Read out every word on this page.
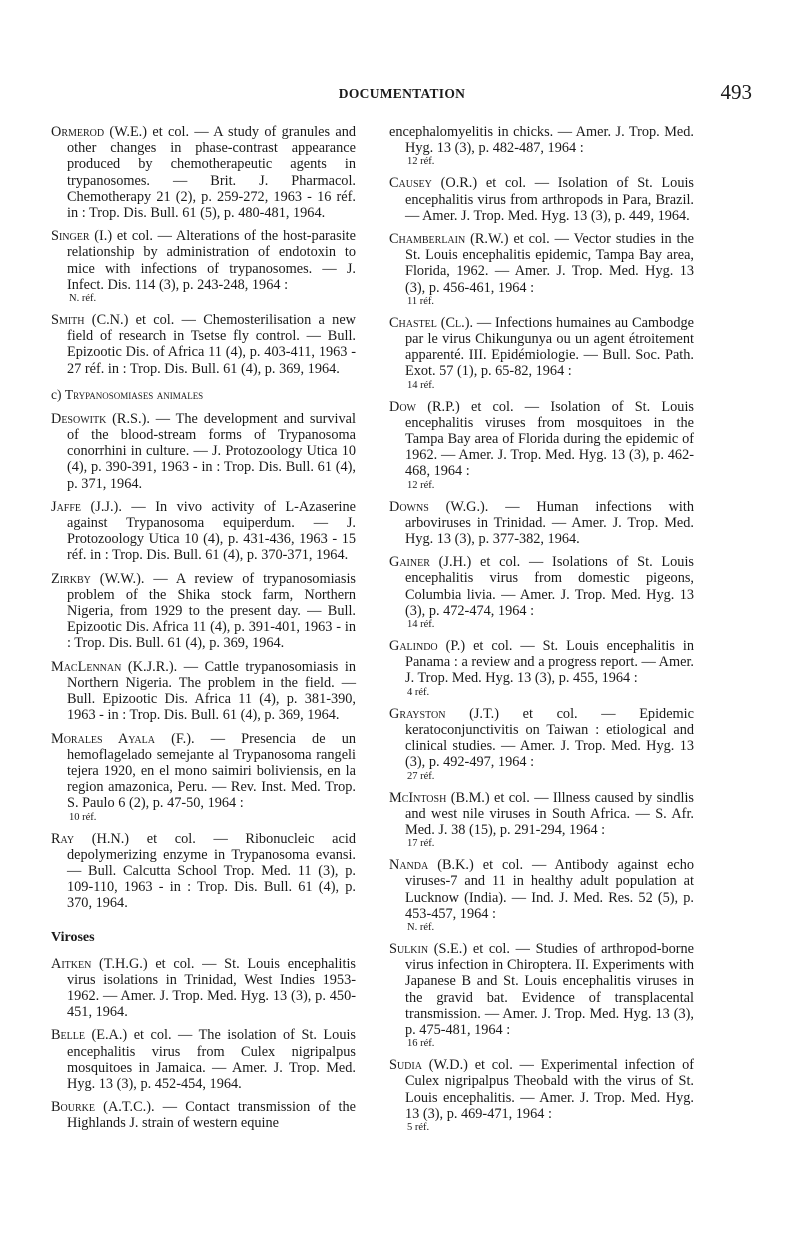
DOCUMENTATION	493

Ormerod (W.E.) et col. — A study of granules and other changes in phase-contrast appearance produced by chemotherapeutic agents in trypanosomes. — Brit. J. Pharmacol. Chemotherapy 21 (2), p. 259-272, 1963 - 16 réf. in : Trop. Dis. Bull. 61 (5), p. 480-481, 1964.

Singer (I.) et col. — Alterations of the host-parasite relationship by administration of endotoxin to mice with infections of trypanosomes. — J. Infect. Dis. 114 (3), p. 243-248, 1964 :
N. réf.

Smith (C.N.) et col. — Chemosterilisation a new field of research in Tsetse fly control. — Bull. Epizootic Dis. of Africa 11 (4), p. 403-411, 1963 - 27 réf. in : Trop. Dis. Bull. 61 (4), p. 369, 1964.

c) Trypanosomiases animales

Desowitk (R.S.). — The development and survival of the blood-stream forms of Trypanosoma conorrhini in culture. — J. Protozoology Utica 10 (4), p. 390-391, 1963 - in : Trop. Dis. Bull. 61 (4), p. 371, 1964.

Jaffe (J.J.). — In vivo activity of L-Azaserine against Trypanosoma equiperdum. — J. Protozoology Utica 10 (4), p. 431-436, 1963 - 15 réf. in : Trop. Dis. Bull. 61 (4), p. 370-371, 1964.

Zirkby (W.W.). — A review of trypanosomiasis problem of the Shika stock farm, Northern Nigeria, from 1929 to the present day. — Bull. Epizootic Dis. Africa 11 (4), p. 391-401, 1963 - in : Trop. Dis. Bull. 61 (4), p. 369, 1964.

MacLennan (K.J.R.). — Cattle trypanosomiasis in Northern Nigeria. The problem in the field. — Bull. Epizootic Dis. Africa 11 (4), p. 381-390, 1963 - in : Trop. Dis. Bull. 61 (4), p. 369, 1964.

Morales Ayala (F.). — Presencia de un hemoflagelado semejante al Trypanosoma rangeli tejera 1920, en el mono saimiri boliviensis, en la region amazonica, Peru. — Rev. Inst. Med. Trop. S. Paulo 6 (2), p. 47-50, 1964 :
10 réf.

Ray (H.N.) et col. — Ribonucleic acid depolymerizing enzyme in Trypanosoma evansi. — Bull. Calcutta School Trop. Med. 11 (3), p. 109-110, 1963 - in : Trop. Dis. Bull. 61 (4), p. 370, 1964.

Viroses

Aitken (T.H.G.) et col. — St. Louis encephalitis virus isolations in Trinidad, West Indies 1953-1962. — Amer. J. Trop. Med. Hyg. 13 (3), p. 450-451, 1964.

Belle (E.A.) et col. — The isolation of St. Louis encephalitis virus from Culex nigripalpus mosquitoes in Jamaica. — Amer. J. Trop. Med. Hyg. 13 (3), p. 452-454, 1964.

Bourke (A.T.C.). — Contact transmission of the Highlands J. strain of western equine

encephalomyelitis in chicks. — Amer. J. Trop. Med. Hyg. 13 (3), p. 482-487, 1964 :
12 réf.

Causey (O.R.) et col. — Isolation of St. Louis encephalitis virus from arthropods in Para, Brazil. — Amer. J. Trop. Med. Hyg. 13 (3), p. 449, 1964.

Chamberlain (R.W.) et col. — Vector studies in the St. Louis encephalitis epidemic, Tampa Bay area, Florida, 1962. — Amer. J. Trop. Med. Hyg. 13 (3), p. 456-461, 1964 :
11 réf.

Chastel (Cl.). — Infections humaines au Cambodge par le virus Chikungunya ou un agent étroitement apparenté. III. Epidémiologie. — Bull. Soc. Path. Exot. 57 (1), p. 65-82, 1964 :
14 réf.

Dow (R.P.) et col. — Isolation of St. Louis encephalitis viruses from mosquitoes in the Tampa Bay area of Florida during the epidemic of 1962. — Amer. J. Trop. Med. Hyg. 13 (3), p. 462-468, 1964 :
12 réf.

Downs (W.G.). — Human infections with arboviruses in Trinidad. — Amer. J. Trop. Med. Hyg. 13 (3), p. 377-382, 1964.

Gainer (J.H.) et col. — Isolations of St. Louis encephalitis virus from domestic pigeons, Columbia livia. — Amer. J. Trop. Med. Hyg. 13 (3), p. 472-474, 1964 :
14 réf.

Galindo (P.) et col. — St. Louis encephalitis in Panama : a review and a progress report. — Amer. J. Trop. Med. Hyg. 13 (3), p. 455, 1964 :
4 réf.

Grayston (J.T.) et col. — Epidemic keratoconjunctivitis on Taiwan : etiological and clinical studies. — Amer. J. Trop. Med. Hyg. 13 (3), p. 492-497, 1964 :
27 réf.

McIntosh (B.M.) et col. — Illness caused by sindlis and west nile viruses in South Africa. — S. Afr. Med. J. 38 (15), p. 291-294, 1964 :
17 réf.

Nanda (B.K.) et col. — Antibody against echo viruses-7 and 11 in healthy adult population at Lucknow (India). — Ind. J. Med. Res. 52 (5), p. 453-457, 1964 :
N. réf.

Sulkin (S.E.) et col. — Studies of arthropod-borne virus infection in Chiroptera. II. Experiments with Japanese B and St. Louis encephalitis viruses in the gravid bat. Evidence of transplacental transmission. — Amer. J. Trop. Med. Hyg. 13 (3), p. 475-481, 1964 :
16 réf.

Sudia (W.D.) et col. — Experimental infection of Culex nigripalpus Theobald with the virus of St. Louis encephalitis. — Amer. J. Trop. Med. Hyg. 13 (3), p. 469-471, 1964 :
5 réf.
